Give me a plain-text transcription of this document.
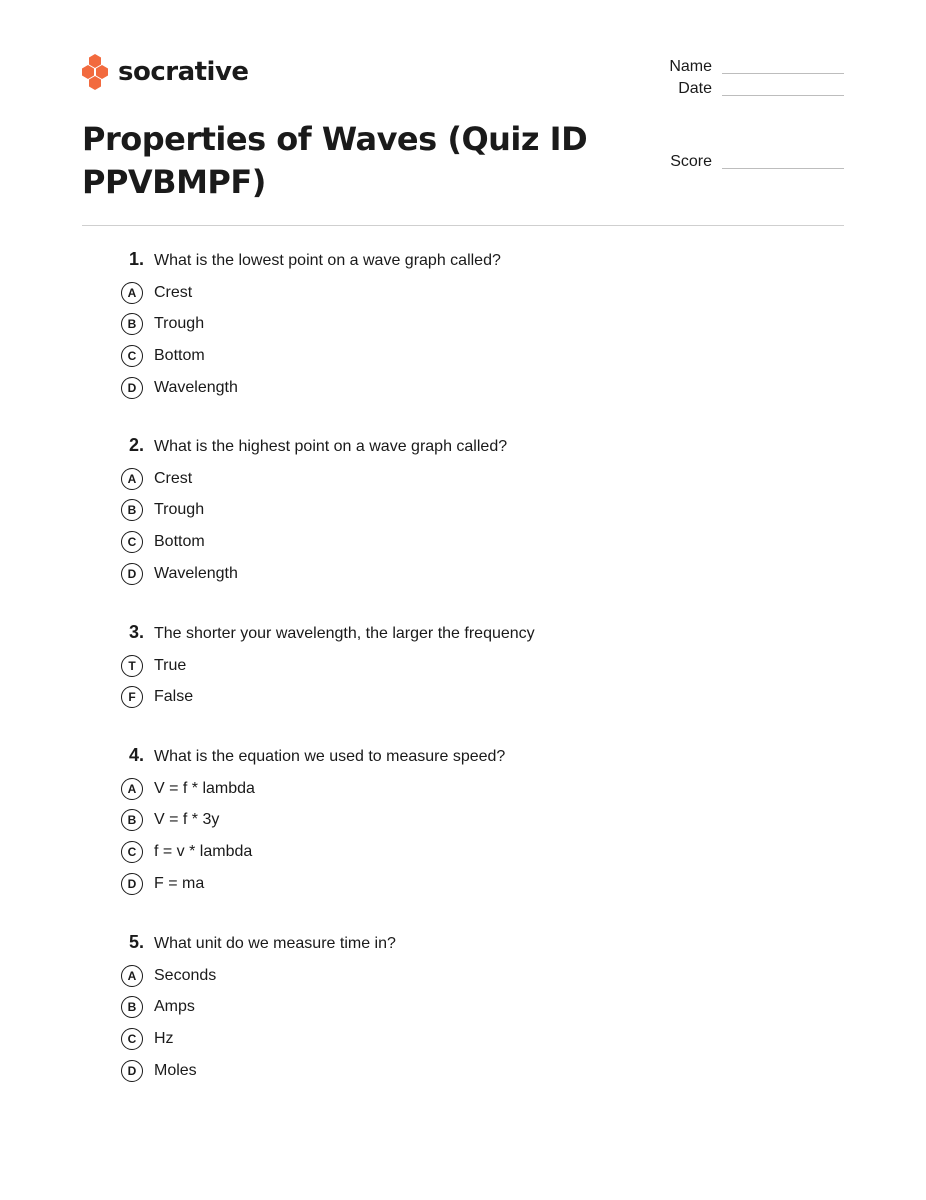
socrative
Properties of Waves (Quiz ID PPVBMPF)
Name
Date
Score
1. What is the lowest point on a wave graph called?
A	Crest
B	Trough
C	Bottom
D	Wavelength
2. What is the highest point on a wave graph called?
A	Crest
B	Trough
C	Bottom
D	Wavelength
3. The shorter your wavelength, the larger the frequency
T	True
F	False
4. What is the equation we used to measure speed?
A	V = f * lambda
B	V = f * 3y
C	f = v * lambda
D	F = ma
5. What unit do we measure time in?
A	Seconds
B	Amps
C	Hz
D	Moles
